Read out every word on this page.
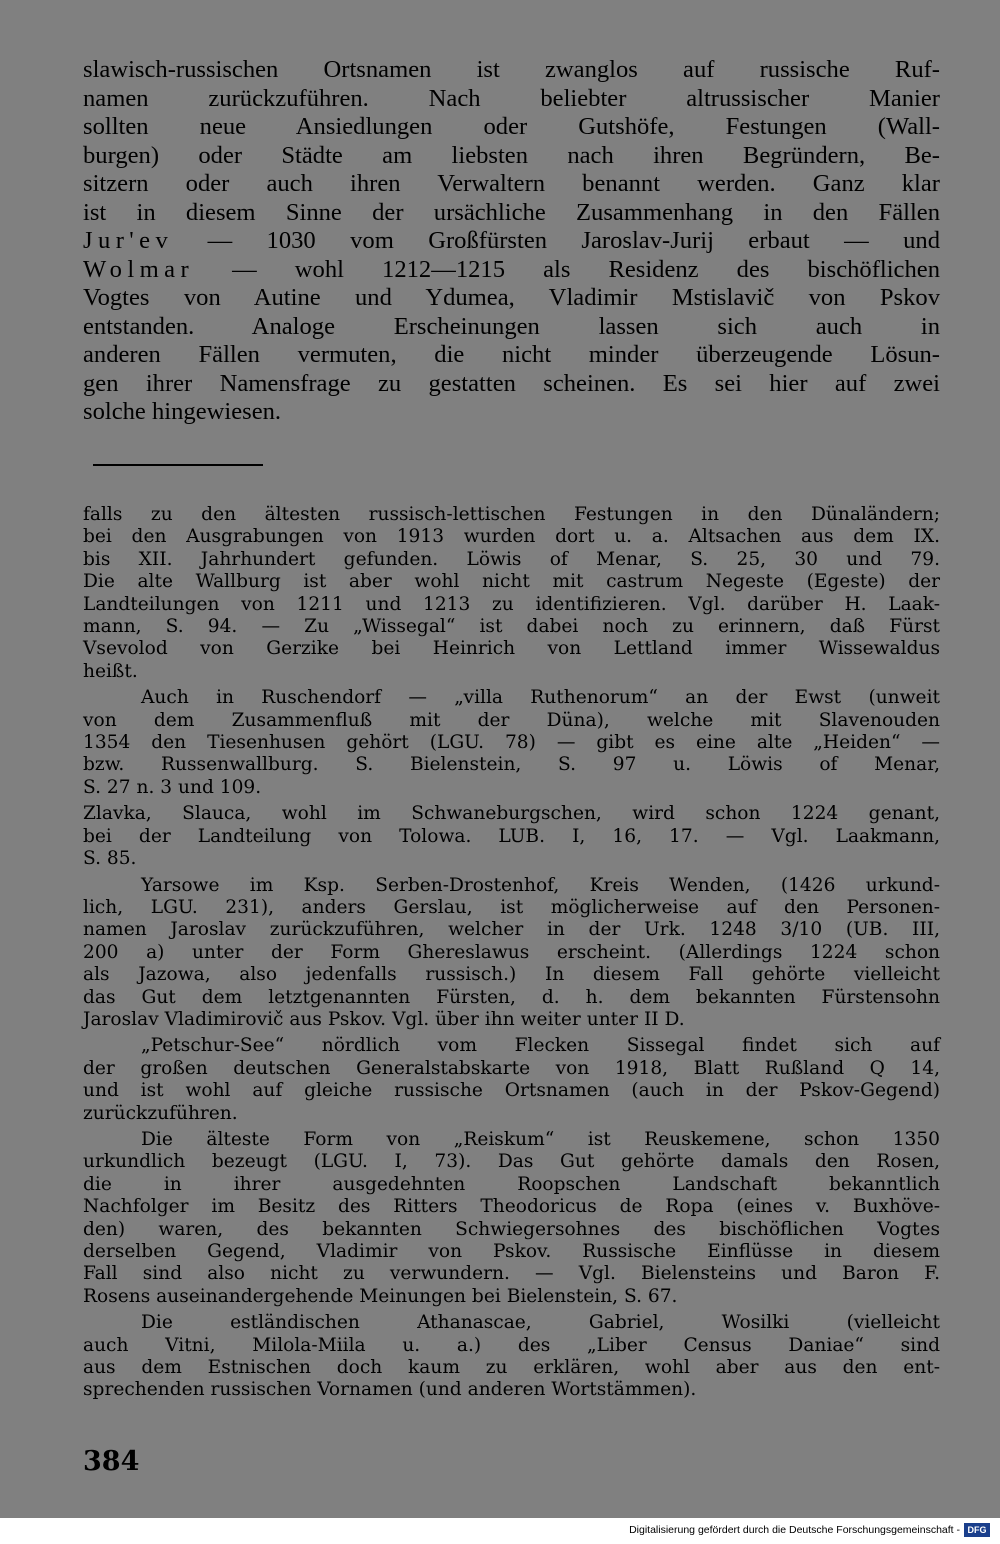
slawisch-russischen Ortsnamen ist zwanglos auf russische Ruf-
namen zurückzuführen. Nach beliebter altrussischer Manier
sollten neue Ansiedlungen oder Gutshöfe, Festungen (Wall-
burgen) oder Städte am liebsten nach ihren Begründern, Be-
sitzern oder auch ihren Verwaltern benannt werden. Ganz klar
ist in diesem Sinne der ursächliche Zusammenhang in den Fällen
Jur'ev — 1030 vom Großfürsten Jaroslav-Jurij erbaut — und
Wolmar — wohl 1212—1215 als Residenz des bischöflichen
Vogtes von Autine und Ydumea, Vladimir Mstislavič von Pskov
entstanden. Analoge Erscheinungen lassen sich auch in
anderen Fällen vermuten, die nicht minder überzeugende Lösun-
gen ihrer Namensfrage zu gestatten scheinen. Es sei hier auf zwei
solche hingewiesen.

falls zu den ältesten russisch-lettischen Festungen in den Dünaländern;
bei den Ausgrabungen von 1913 wurden dort u. a. Altsachen aus dem IX.
bis XII. Jahrhundert gefunden. Löwis of Menar, S. 25, 30 und 79.
Die alte Wallburg ist aber wohl nicht mit castrum Negeste (Egeste) der
Landteilungen von 1211 und 1213 zu identifizieren. Vgl. darüber H. Laak-
mann, S. 94. — Zu „Wissegal“ ist dabei noch zu erinnern, daß Fürst
Vsevolod von Gerzike bei Heinrich von Lettland immer Wissewaldus
heißt.

Auch in Ruschendorf — „villa Ruthenorum“ an der Ewst (unweit
von dem Zusammenfluß mit der Düna), welche mit Slavenouden
1354 den Tiesenhusen gehört (LGU. 78) — gibt es eine alte „Heiden“ —
bzw. Russenwallburg. S. Bielenstein, S. 97 u. Löwis of Menar,
S. 27 n. 3 und 109.

Zlavka, Slauca, wohl im Schwaneburgschen, wird schon 1224 genant,
bei der Landteilung von Tolowa. LUB. I, 16, 17. — Vgl. Laakmann,
S. 85.

Yarsowe im Ksp. Serben-Drostenhof, Kreis Wenden, (1426 urkund-
lich, LGU. 231), anders Gerslau, ist möglicherweise auf den Personen-
namen Jaroslav zurückzuführen, welcher in der Urk. 1248 3/10 (UB. III,
200 a) unter der Form Ghereslawus erscheint. (Allerdings 1224 schon
als Jazowa, also jedenfalls russisch.) In diesem Fall gehörte vielleicht
das Gut dem letztgenannten Fürsten, d. h. dem bekannten Fürstensohn
Jaroslav Vladimirovič aus Pskov. Vgl. über ihn weiter unter II D.

„Petschur-See“ nördlich vom Flecken Sissegal findet sich auf
der großen deutschen Generalstabskarte von 1918, Blatt Rußland Q 14,
und ist wohl auf gleiche russische Ortsnamen (auch in der Pskov-Gegend)
zurückzuführen.

Die älteste Form von „Reiskum“ ist Reuskemene, schon 1350
urkundlich bezeugt (LGU. I, 73). Das Gut gehörte damals den Rosen,
die in ihrer ausgedehnten Roopschen Landschaft bekanntlich
Nachfolger im Besitz des Ritters Theodoricus de Ropa (eines v. Buxhöve-
den) waren, des bekannten Schwiegersohnes des bischöflichen Vogtes
derselben Gegend, Vladimir von Pskov. Russische Einflüsse in diesem
Fall sind also nicht zu verwundern. — Vgl. Bielensteins und Baron F.
Rosens auseinandergehende Meinungen bei Bielenstein, S. 67.

Die estländischen Athanascae, Gabriel, Wosilki (vielleicht
auch Vitni, Milola-Miila u. a.) des „Liber Census Daniae“ sind
aus dem Estnischen doch kaum zu erklären, wohl aber aus den ent-
sprechenden russischen Vornamen (und anderen Wortstämmen).

384
Digitalisierung gefördert durch die Deutsche Forschungsgemeinschaft - DFG
